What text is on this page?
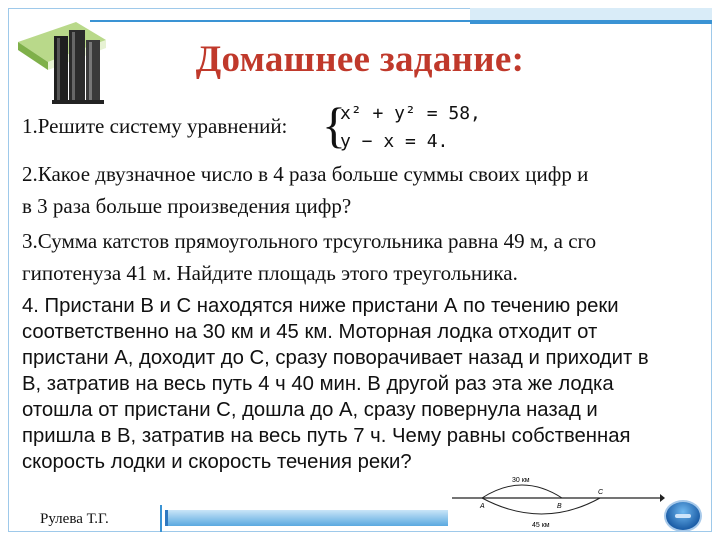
Домашнее задание:
1.Решите систему уравнений: {
x² + y² = 58,
y − x = 4.
2.Какое двузначное число в 4 раза больше суммы своих цифр и
в 3 раза больше произведения цифр?
3.Сумма катстов прямоугольного трсугольника равна 49 м, а сго
гипотенуза 41 м. Найдите площадь этого треугольника.
4. Пристани В и С находятся ниже пристани А по течению реки
соответственно на 30 км и 45 км. Моторная лодка отходит от
пристани А, доходит до С, сразу поворачивает назад и приходит в
В, затратив на весь путь 4 ч 40 мин. В другой раз эта же лодка
отошла от пристани С, дошла до А, сразу повернула назад и
пришла в В, затратив на весь путь 7 ч. Чему равны собственная
скорость лодки и скорость течения реки?
30 км
45 км
A	B
C
Рулева Т.Г.
